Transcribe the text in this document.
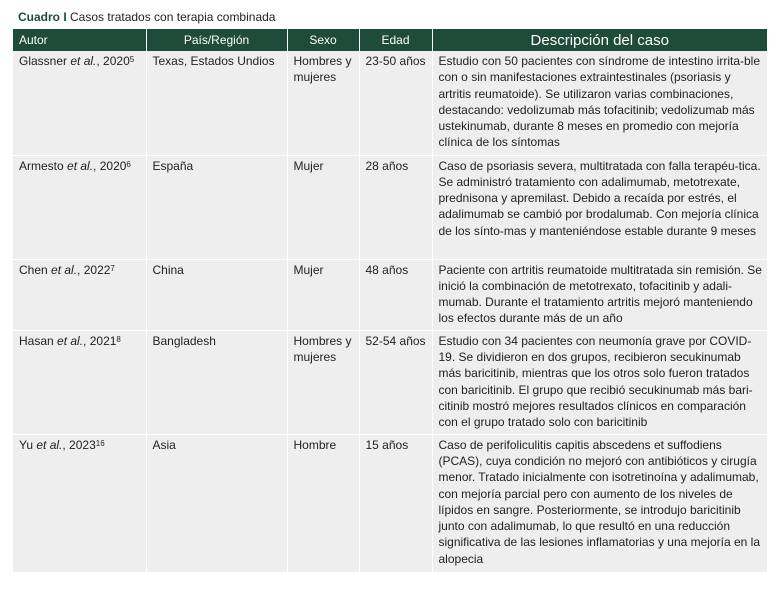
Cuadro I Casos tratados con terapia combinada
Autor	País/Región	Sexo	Edad	Descripción del caso
Glassner et al., 2020$^5$	Texas, Estados Undios	Hombres y mujeres	23-50 años	Estudio con 50 pacientes con síndrome de intestino irrita-ble con o sin manifestaciones extraintestinales (psoriasis y artritis reumatoide). Se utilizaron varias combinaciones, destacando: vedolizumab más tofacitinib; vedolizumab más ustekinumab, durante 8 meses en promedio con mejoría clínica de los síntomas
Armesto et al., 2020$^6$	España	Mujer	28 años	Caso de psoriasis severa, multitratada con falla terapéu-tica. Se administró tratamiento con adalimumab, metotrexate, prednisona y apremilast. Debido a recaída por estrés, el adalimumab se cambió por brodalumab. Con mejoría clínica de los sínto-mas y manteniéndose estable durante 9 meses
Chen et al., 2022$^7$	China	Mujer	48 años	Paciente con artritis reumatoide multitratada sin remisión. Se inició la combinación de metotrexato, tofacitinib y adali-mumab. Durante el tratamiento artritis mejoró manteniendo los efectos durante más de un año
Hasan et al., 2021$^8$	Bangladesh	Hombres y mujeres	52-54 años	Estudio con 34 pacientes con neumonía grave por COVID-19. Se dividieron en dos grupos, recibieron secukinumab más baricitinib, mientras que los otros solo fueron tratados con baricitinib. El grupo que recibió secukinumab más bari-citinib mostró mejores resultados clínicos en comparación con el grupo tratado solo con baricitinib
Yu et al., 2023$^{16}$	Asia	Hombre	15 años	Caso de perifoliculitis capitis abscedens et suffodiens (PCAS), cuya condición no mejoró con antibióticos y cirugía menor. Tratado inicialmente con isotretinoína y adalimumab, con mejoría parcial pero con aumento de los niveles de lípidos en sangre. Posteriormente, se introdujo baricitinib junto con adalimumab, lo que resultó en una reducción significativa de las lesiones inflamatorias y una mejoría en la alopecia
